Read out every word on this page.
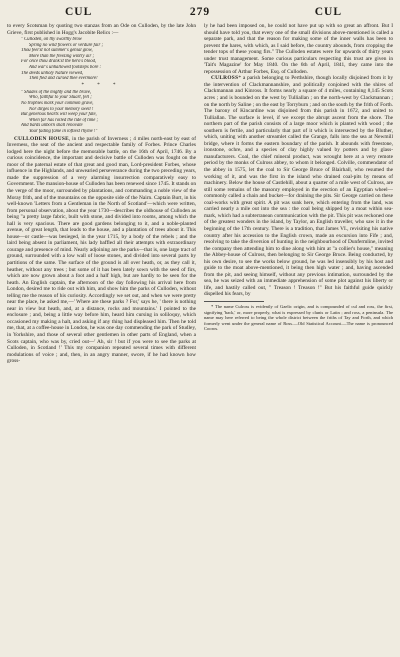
CUL	279	CUL

to every Scotsman by quoting two stanzas from an Ode on Culloden, by the late John Grieve, first published in Hogg's Jacobite Relics :—

" Culloden, on thy swarthy brow
Spring no wild flowers or verdure fair ;
Thou feel'st not summer's genial glow,
More than the freezing wintry air ;
For once thou drank'st the hero's blood,
And war's unhallowed footsteps bore :
The deeds unholy Nature viewed,
Then fled and cursed thee evermore!
* * *
" Shades of the mighty and the brave,
Who, faithful to your Stuart, fell ;
No trophies mark your common grave,
Nor dirges to your memory swell !
But generous hearts will weep your fate,
When far has rolled the tide of time ;
And bards unborn shall renovate
Your fading fame in loftiest rhyme !"

CULLODEN HOUSE, in the parish of Inverness ; 4 miles north-east by east of Inverness, the seat of the ancient and respectable family of Forbes. Prince Charles lodged here the night before the memorable battle, on the 16th of April, 1746. By a curious coincidence, the important and decisive battle of Culloden was fought on the moor of the paternal estate of that great and good man, Lord-president Forbes, whose influence in the Highlands, and unwearied perseverance during the two preceding years, made the suppression of a very alarming insurrection comparatively easy to Government. The mansion-house of Culloden has been renewed since 1745. It stands on the verge of the moor, surrounded by plantations, and commanding a noble view of the Moray frith, and of the mountains on the opposite side of the Nairn. Captain Burt, in his well-known 'Letters from a Gentleman in the North of Scotland'—which were written, from personal observation, about the year 1730—describes the oldhouse of Culloden as being "a pretty large fabric, built with stone, and divided into rooms, among which the hall is very spacious. There are good gardens belonging to it, and a noble-planted avenue, of great length, that leads to the house, and a plantation of trees about it. This house—or castle—was besieged, in the year 1715, by a body of the rebels ; and the laird being absent in parliament, his lady baffled all their attempts with extraordinary courage and presence of mind. Nearly adjoining are the parks—that is, one large tract of ground, surrounded with a low wall of loose stones, and divided into several parts by partitions of the same. The surface of the ground is all over heath, or, as they call it, heather, without any trees ; but some of it has been lately sown with the seed of firs, which are now grown about a foot and a half high, but are hardly to be seen for the heath. An English captain, the afternoon of the day following his arrival here from London, desired me to ride out with him, and show him the parks of Culloden, without telling me the reason of his curiosity. Accordingly we set out, and when we were pretty near the place, he asked me,—' Where are these parks ? For,' says he, ' there is nothing near in view but heath, and, at a distance, rocks and mountains.' I pointed to the enclosure ; and, being a little way before him, heard him cursing in soliloquy, which occasioned my making a halt, and asking if any thing had displeased him. Then he told me, that, at a coffee-house in London, he was one day commending the park of Studley, in Yorkshire, and those of several other gentlemen in other parts of England, when a Scots captain, who was by, cried out—' Ah, sir ! but if you were to see the parks at Culloden, in Scotland !' This my companion repeated several times with different modulations of voice ; and, then, in an angry manner, swore, if he had known how gross-

ly he had been imposed on, he could not have put up with so great an affront. But I should have told you, that every one of the small divisions above-mentioned is called a separate park, and that the reason for making some of the inner walls has been to prevent the hares, with which, as I said before, the country abounds, from cropping the tender tops of these young firs." The Culloden estates were for upwards of thirty years under trust management. Some curious particulars respecting this trust are given in 'Tait's Magazine' for May 1840. On the 6th of April, 1841, they came into the repossession of Arthur Forbes, Esq. of Culloden.

CULROSS* a parish belonging to Perthshire, though locally disjoined from it by the intervention of Clackmannanshire, and politically conjoined with the shires of Clackmannan and Kinross. It forms nearly a square of 4 miles, containing 8,145 Scots acres ; and is bounded on the west by Tulliallan ; on the north-west by Clackmannan ; on the north by Saline ; on the east by Torryburn ; and on the south by the frith of Forth. The barony of Kincardine was disjoined from this parish in 1672, and united to Tulliallan. The surface is level, if we except the abrupt ascent from the shore. The northern part of the parish consists of a large moor which is planted with wood ; the southern is fertile, and particularly that part of it which is intersected by the Bluther, which, uniting with another streamlet called the Grange, falls into the sea at Newmill bridge, where it forms the eastern boundary of the parish. It abounds with freestone, ironstone, ochre, and a species of clay highly valued by potters and by glass-manufacturers. Coal, the chief mineral product, was wrought here at a very remote period by the monks of Culross abbey, to whom it belonged. Colville, commendator of the abbey in 1575, let the coal to Sir George Bruce of Blairhall, who resumed the working of it, and was the first in the island who drained coal-pits by means of machinery. Below the house of Castlehill, about a quarter of a mile west of Culross, are still some remains of the masonry employed in the erection of an Egyptian wheel—commonly called a chain and bucket—for draining the pits. Sir George carried on these coal-works with great spirit. A pit was sunk here, which entering from the land, was carried nearly a mile out into the sea : the coal being shipped by a moat within sea-mark, which had a subterranean communication with the pit. This pit was reckoned one of the greatest wonders in the island, by Taylor, an English traveller, who saw it in the beginning of the 17th century. There is a tradition, that James VI., revisiting his native country after his accession to the English crown, made an excursion into Fife ; and, resolving to take the diversion of hunting in the neighbourhood of Dunfermline, invited the company then attending him to dine along with him at "a collier's house," meaning the Abbey-house of Culross, then belonging to Sir George Bruce. Being conducted, by his own desire, to see the works below ground, he was led insensibly by his host and guide to the moat above-mentioned, it being then high water ; and, having ascended from the pit, and seeing himself, without any previous intimation, surrounded by the sea, he was seized with an immediate apprehension of some plot against his liberty or life, and hastily called out, " Treason ! Treason !" But his faithful guide quickly dispelled his fears, by

* The name Culross is evidently of Gaelic origin, and is compounded of cul and ross, the first, signifying 'back,' or, more properly, what is expressed by clunis or Latin ; and ross, a peninsula. The name may here referred to being the whole district between the friths of Tay and Forth, and which formerly went under the general name of Ross.—Old Statistical Account.—The name is pronounced Cooros.
